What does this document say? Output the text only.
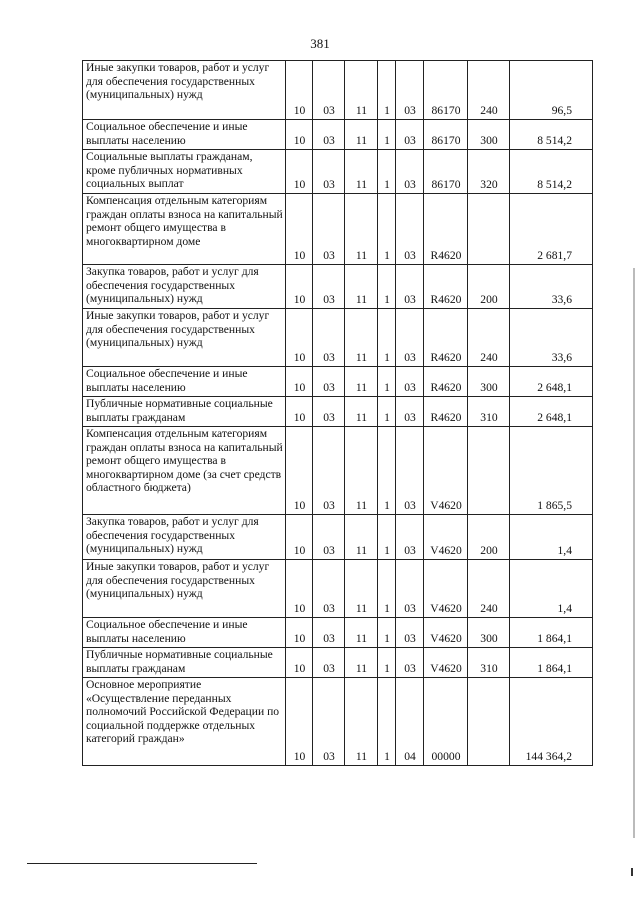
381
Иные закупки товаров, работ и услуг для обеспечения государственных (муниципальных) нужд	10	03	11	1	03	86170	240	96,5
Социальное обеспечение и иные выплаты населению	10	03	11	1	03	86170	300	8 514,2
Социальные выплаты гражданам, кроме публичных нормативных социальных выплат	10	03	11	1	03	86170	320	8 514,2
Компенсация отдельным категориям граждан оплаты взноса на капитальный ремонт общего имущества в многоквартирном доме	10	03	11	1	03	R4620		2 681,7
Закупка товаров, работ и услуг для обеспечения государственных (муниципальных) нужд	10	03	11	1	03	R4620	200	33,6
Иные закупки товаров, работ и услуг для обеспечения государственных (муниципальных) нужд	10	03	11	1	03	R4620	240	33,6
Социальное обеспечение и иные выплаты населению	10	03	11	1	03	R4620	300	2 648,1
Публичные нормативные социальные выплаты гражданам	10	03	11	1	03	R4620	310	2 648,1
Компенсация отдельным категориям граждан оплаты взноса на капитальный ремонт общего имущества в многоквартирном доме (за счет средств областного бюджета)	10	03	11	1	03	V4620		1 865,5
Закупка товаров, работ и услуг для обеспечения государственных (муниципальных) нужд	10	03	11	1	03	V4620	200	1,4
Иные закупки товаров, работ и услуг для обеспечения государственных (муниципальных) нужд	10	03	11	1	03	V4620	240	1,4
Социальное обеспечение и иные выплаты населению	10	03	11	1	03	V4620	300	1 864,1
Публичные нормативные социальные выплаты гражданам	10	03	11	1	03	V4620	310	1 864,1
Основное мероприятие «Осуществление переданных полномочий Российской Федерации по социальной поддержке отдельных категорий граждан»	10	03	11	1	04	00000		144 364,2
